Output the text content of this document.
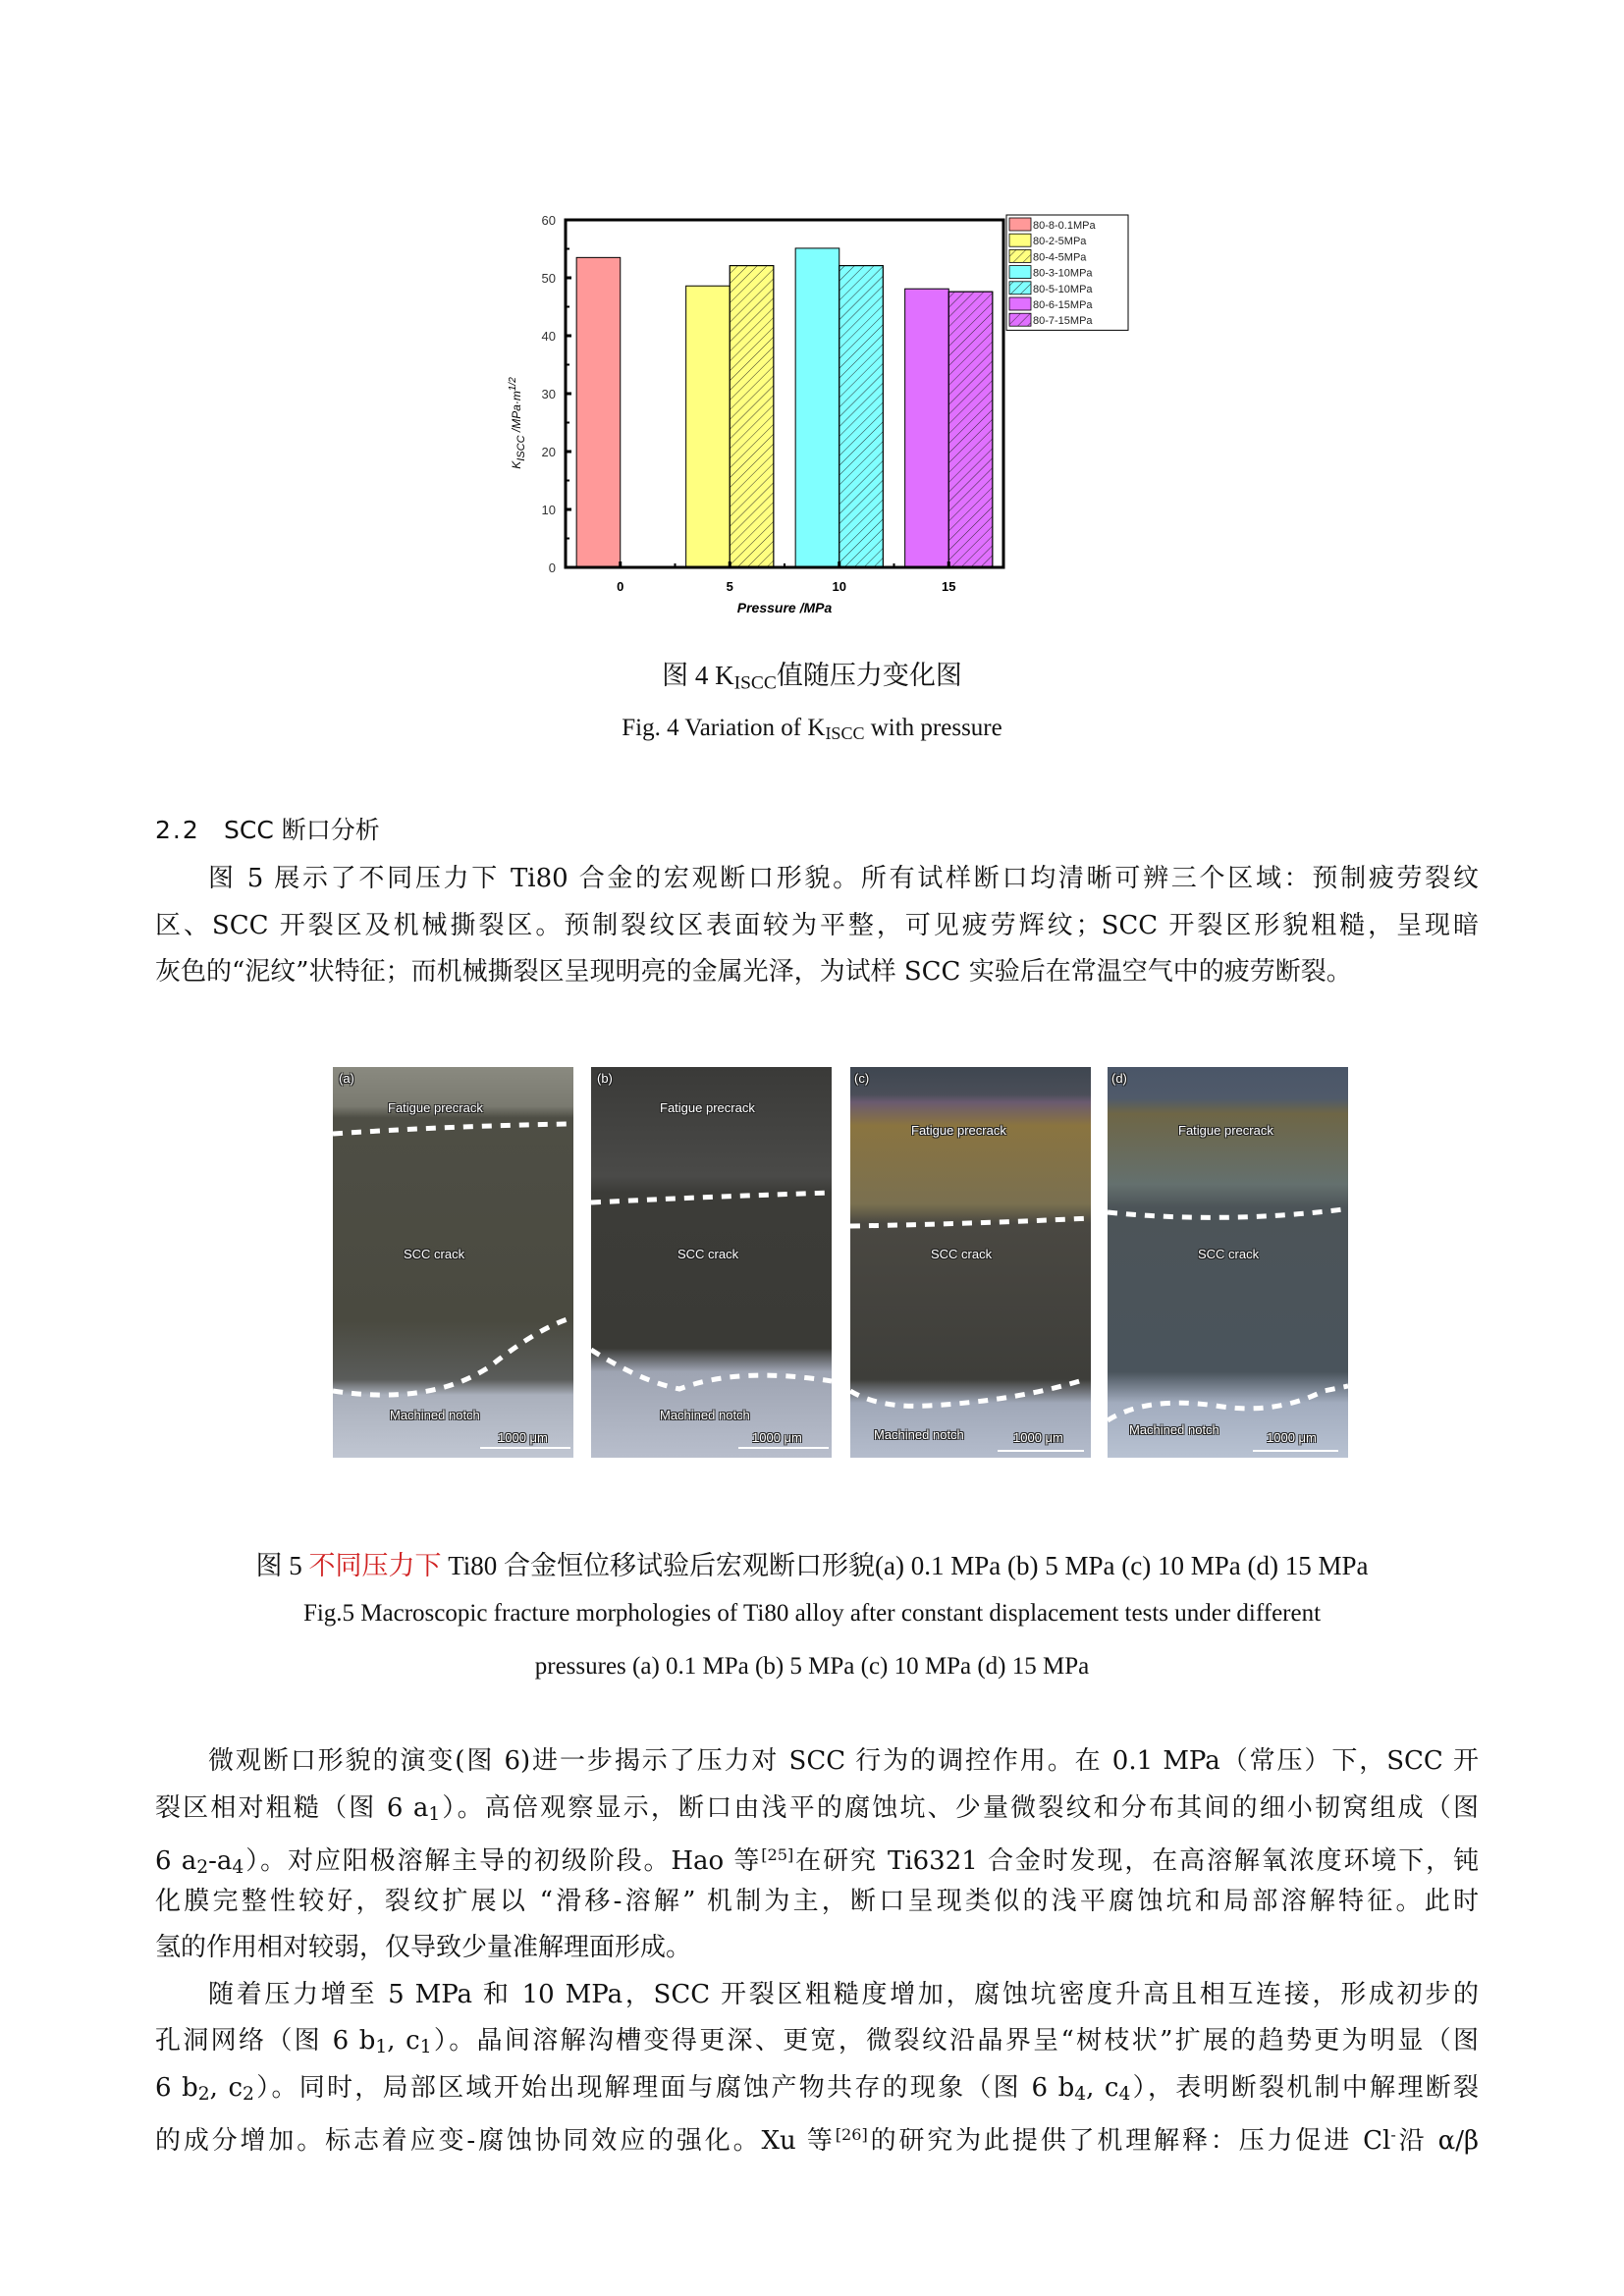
0
10
20
30
40
50
60
0	5	10	15
Pressure /MPa
KISCC $/MPa\cdot m^{1/2}$
80-8-0.1MPa
80-2-5MPa
80-4-5MPa
80-3-10MPa
80-5-10MPa
80-6-15MPa
80-7-15MPa
图 4 $K_{ISCC}$值随压力变化图
Fig. 4 Variation of $K_{ISCC}$ with pressure
2.2 SCC 断口分析
图 5 展示了不同压力下 Ti80 合金的宏观断口形貌。所有试样断口均清晰可辨三个区域：预制疲劳裂纹
区、SCC 开裂区及机械撕裂区。预制裂纹区表面较为平整，可见疲劳辉纹；SCC 开裂区形貌粗糙，呈现暗
灰色的“泥纹”状特征；而机械撕裂区呈现明亮的金属光泽，为试样 SCC 实验后在常温空气中的疲劳断裂。
(a)
Fatigue precrack
SCC crack
Machined notch
1000 μm
(b)
Fatigue precrack
SCC crack
Machined notch
1000 μm
(c)
Fatigue precrack
SCC crack
Machined notch	1000 μm
(d)
Fatigue precrack
SCC crack
Machined notch
1000 μm
图 5 不同压力下 Ti80 合金恒位移试验后宏观断口形貌(a) 0.1 MPa (b) 5 MPa (c) 10 MPa (d) 15 MPa
Fig.5 Macroscopic fracture morphologies of Ti80 alloy after constant displacement tests under different
pressures (a) 0.1 MPa (b) 5 MPa (c) 10 MPa (d) 15 MPa
微观断口形貌的演变(图 6)进一步揭示了压力对 SCC 行为的调控作用。在 0.1 MPa（常压）下，SCC 开
裂区相对粗糙（图 6 $a_1$）。高倍观察显示，断口由浅平的腐蚀坑、少量微裂纹和分布其间的细小韧窝组成（图
6 $a_2-a_4$）。对应阳极溶解主导的初级阶段。Hao 等[25]在研究 Ti6321 合金时发现，在高溶解氧浓度环境下，钝
化膜完整性较好，裂纹扩展以 “滑移-溶解” 机制为主，断口呈现类似的浅平腐蚀坑和局部溶解特征。此时
氢的作用相对较弱，仅导致少量准解理面形成。
随着压力增至 5 MPa 和 10 MPa，SCC 开裂区粗糙度增加，腐蚀坑密度升高且相互连接，形成初步的
孔洞网络（图 6 $b_1$, $c_1$）。晶间溶解沟槽变得更深、更宽，微裂纹沿晶界呈“树枝状”扩展的趋势更为明显（图
6 $b_2$, $c_2$）。同时，局部区域开始出现解理面与腐蚀产物共存的现象（图 6 $b_4$, $c_4$），表明断裂机制中解理断裂
的成分增加。标志着应变-腐蚀协同效应的强化。Xu 等[26]的研究为此提供了机理解释：压力促进 Cl-沿 α/β
